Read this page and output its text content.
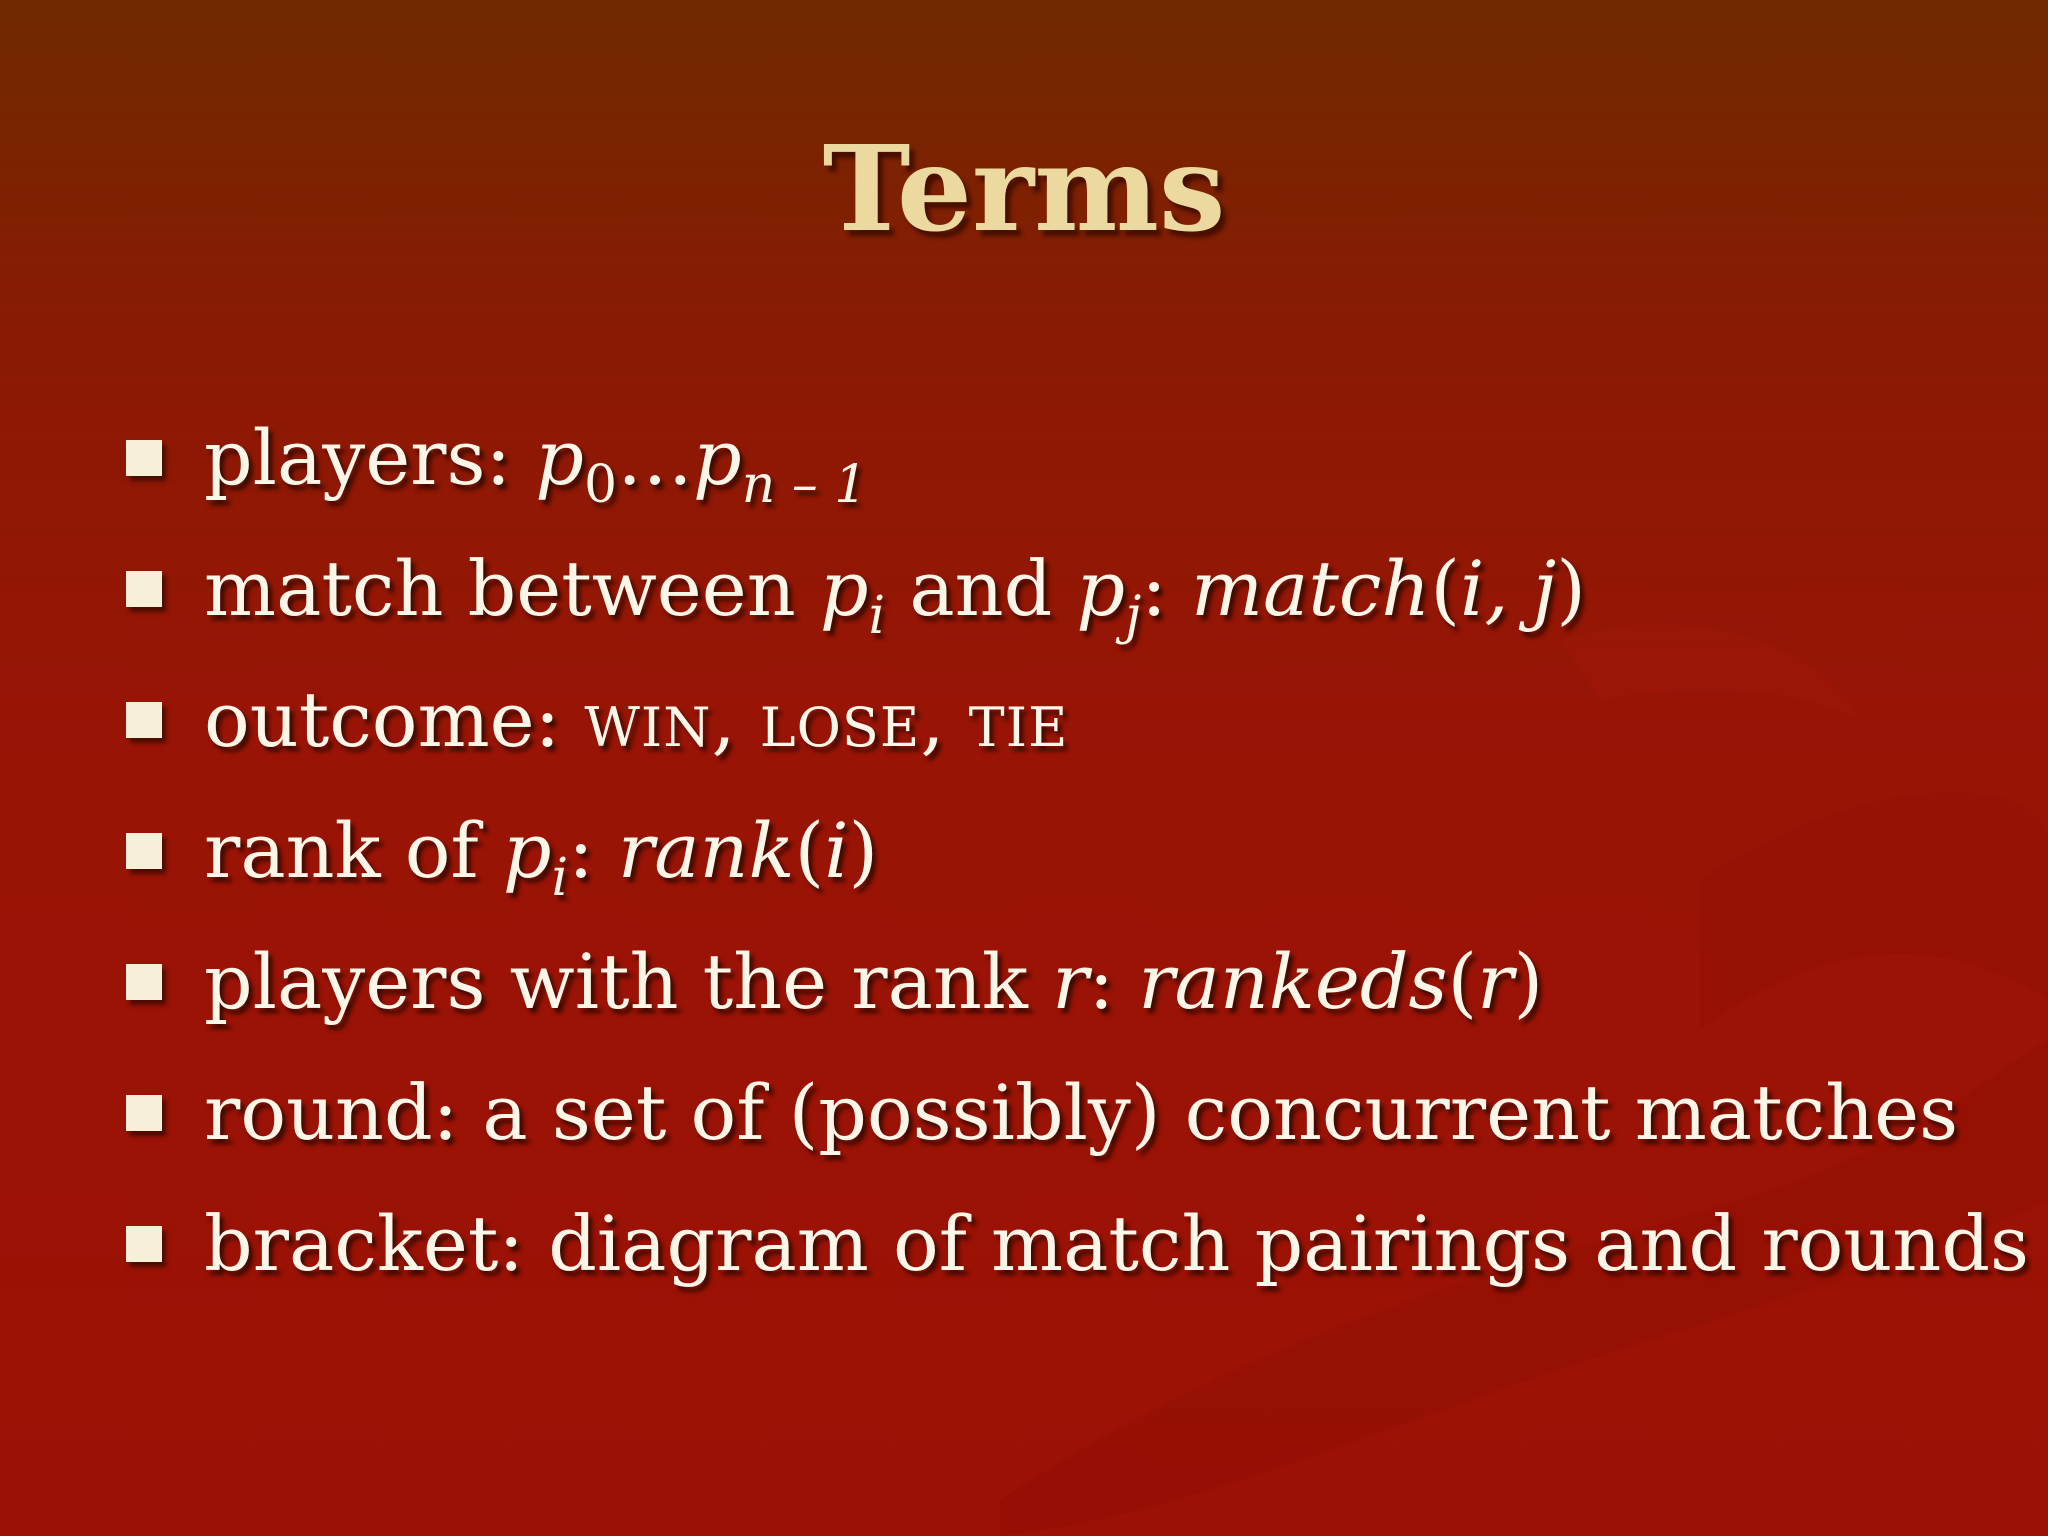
Terms
players: $p_0\dots p_{n - 1}$
match between $p_i$ and $p_j$: match(i, j)
outcome: WIN, LOSE, TIE
rank of $p_i$: rank(i)
players with the rank r: rankeds(r)
round: a set of (possibly) concurrent matches
bracket: diagram of match pairings and rounds
